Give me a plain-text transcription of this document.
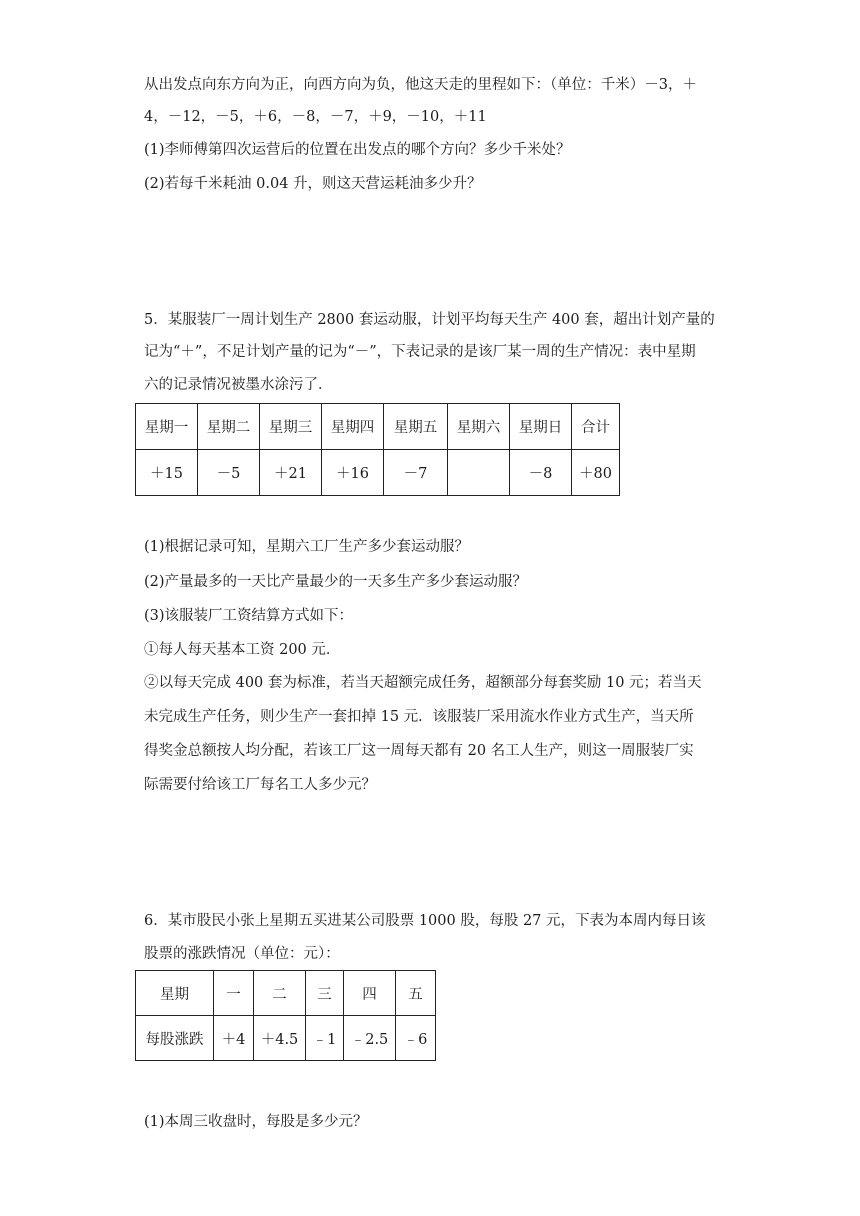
从出发点向东方向为正，向西方向为负，他这天走的里程如下：（单位：千米）－3，＋

4，－12，－5，＋6，－8，－7，＋9，－10，＋11

(1)李师傅第四次运营后的位置在出发点的哪个方向？多少千米处？

(2)若每千米耗油 0.04 升，则这天营运耗油多少升？

5．某服装厂一周计划生产 2800 套运动服，计划平均每天生产 400 套，超出计划产量的

记为“＋”，不足计划产量的记为“－”，下表记录的是该厂某一周的生产情况：表中星期

六的记录情况被墨水涂污了．

星期一	星期二	星期三	星期四	星期五	星期六	星期日	合计
＋15	－5	＋21	＋16	－7		－8	＋80

(1)根据记录可知，星期六工厂生产多少套运动服？

(2)产量最多的一天比产量最少的一天多生产多少套运动服？

(3)该服装厂工资结算方式如下：

①每人每天基本工资 200 元．

②以每天完成 400 套为标准，若当天超额完成任务，超额部分每套奖励 10 元；若当天

未完成生产任务，则少生产一套扣掉 15 元．该服装厂采用流水作业方式生产，当天所

得奖金总额按人均分配，若该工厂这一周每天都有 20 名工人生产，则这一周服装厂实

际需要付给该工厂每名工人多少元？

6．某市股民小张上星期五买进某公司股票 1000 股，每股 27 元，下表为本周内每日该

股票的涨跌情况（单位：元）：

星期	一	二	三	四	五
每股涨跌	＋4	＋4.5	﹣1	﹣2.5	﹣6

(1)本周三收盘时，每股是多少元？
